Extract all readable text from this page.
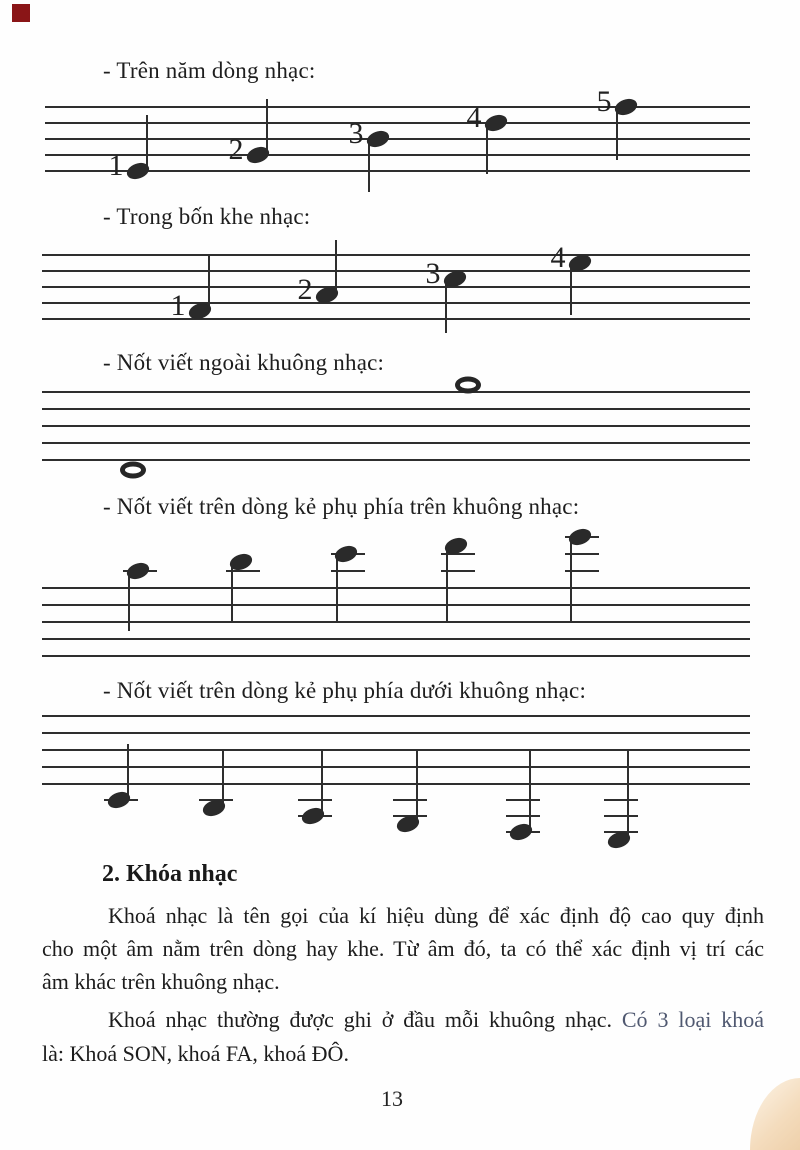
- Trên năm dòng nhạc:
1	2	3	4	5
- Trong bốn khe nhạc:
1	2	3	4
- Nốt viết ngoài khuông nhạc:
- Nốt viết trên dòng kẻ phụ phía trên khuông nhạc:
- Nốt viết trên dòng kẻ phụ phía dưới khuông nhạc:
2. Khóa nhạc
Khoá nhạc là tên gọi của kí hiệu dùng để xác định độ cao quy định
cho một âm nằm trên dòng hay khe. Từ âm đó, ta có thể xác định vị trí các
âm khác trên khuông nhạc.
Khoá nhạc thường được ghi ở đầu mỗi khuông nhạc. Có 3 loại khoá
là: Khoá SON, khoá FA, khoá ĐÔ.
13
